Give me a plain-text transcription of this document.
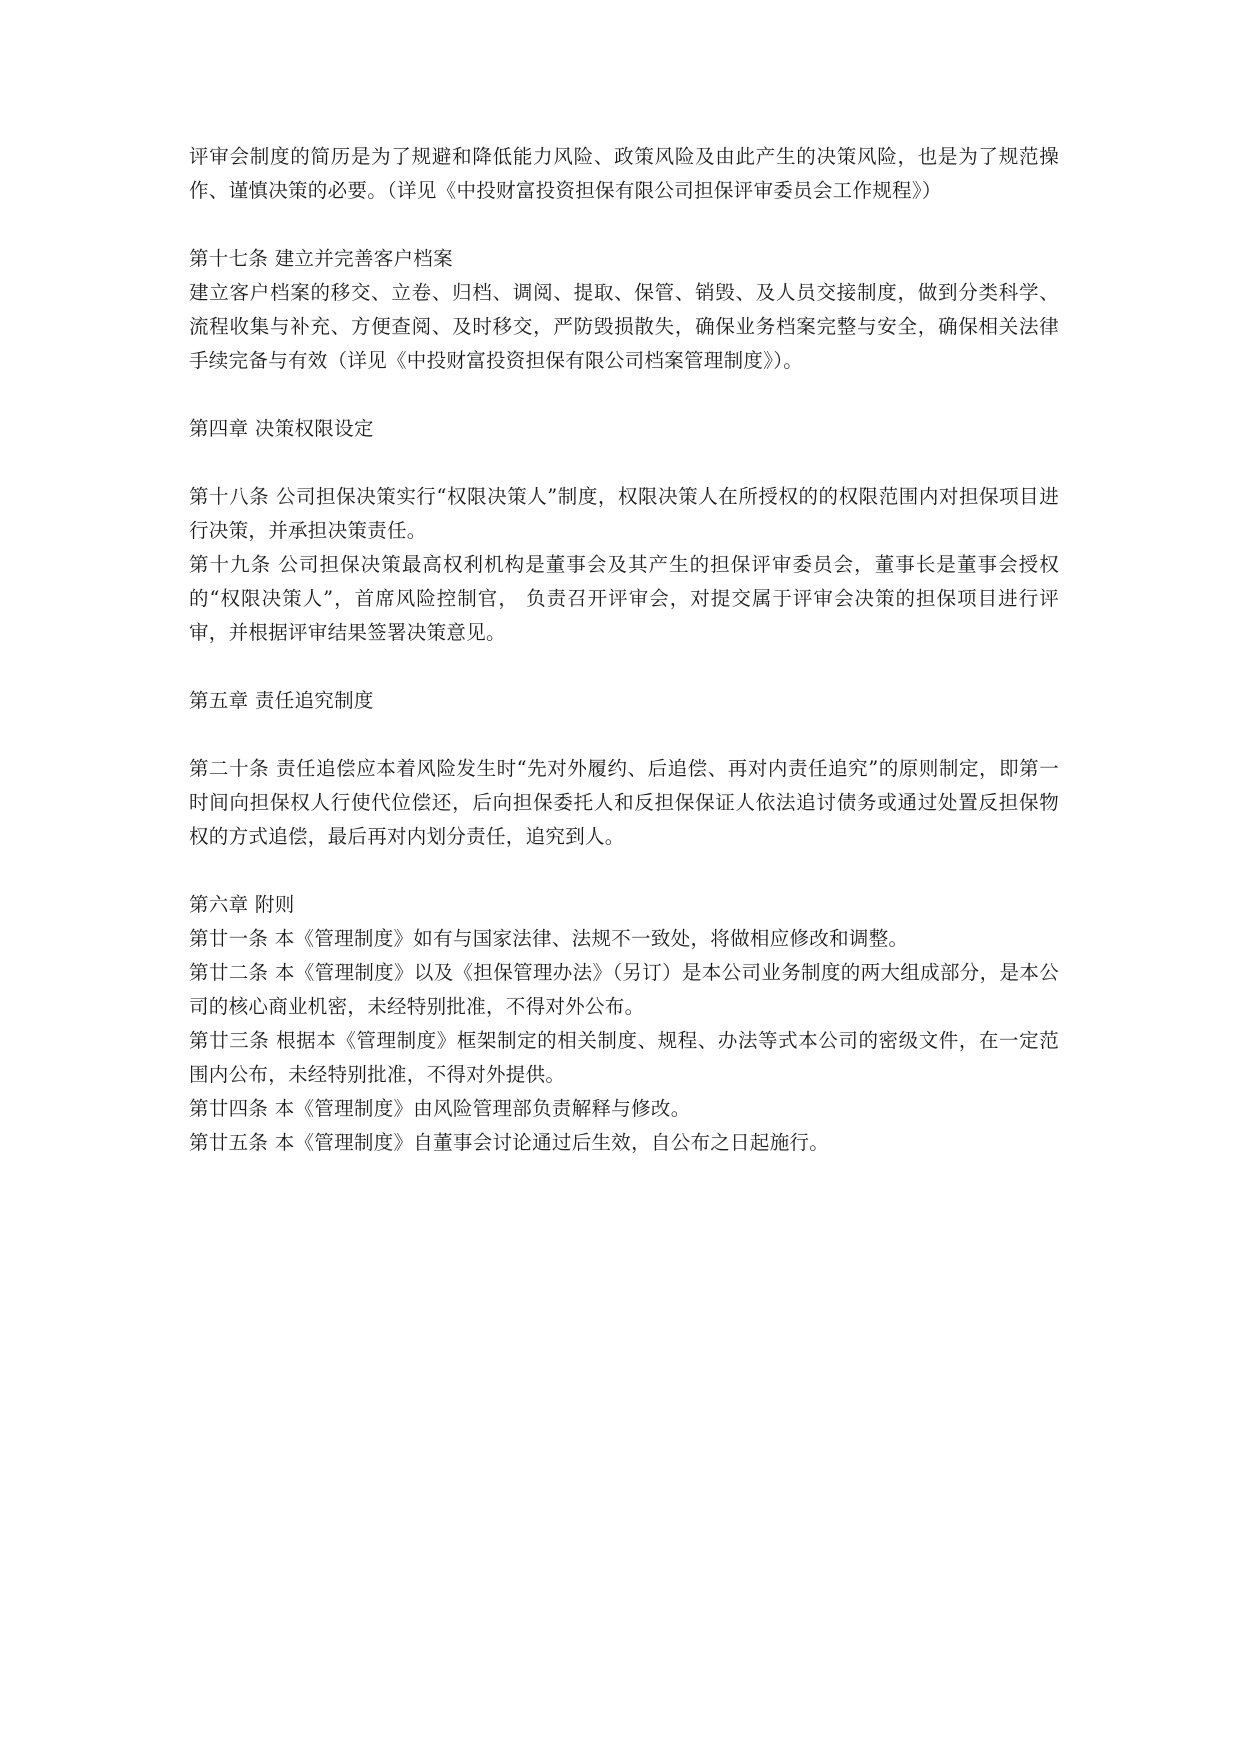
评审会制度的简历是为了规避和降低能力风险、政策风险及由此产生的决策风险，也是为了规范操作、谨慎决策的必要。（详见《中投财富投资担保有限公司担保评审委员会工作规程》）

第十七条 建立并完善客户档案

建立客户档案的移交、立卷、归档、调阅、提取、保管、销毁、及人员交接制度，做到分类科学、流程收集与补充、方便查阅、及时移交，严防毁损散失，确保业务档案完整与安全，确保相关法律手续完备与有效（详见《中投财富投资担保有限公司档案管理制度》）。

第四章 决策权限设定

第十八条 公司担保决策实行“权限决策人”制度，权限决策人在所授权的的权限范围内对担保项目进行决策，并承担决策责任。

第十九条 公司担保决策最高权利机构是董事会及其产生的担保评审委员会，董事长是董事会授权的“权限决策人”，首席风险控制官， 负责召开评审会，对提交属于评审会决策的担保项目进行评审，并根据评审结果签署决策意见。

第五章 责任追究制度

第二十条 责任追偿应本着风险发生时“先对外履约、后追偿、再对内责任追究”的原则制定，即第一时间向担保权人行使代位偿还，后向担保委托人和反担保保证人依法追讨债务或通过处置反担保物权的方式追偿，最后再对内划分责任，追究到人。

第六章 附则

第廿一条 本《管理制度》如有与国家法律、法规不一致处，将做相应修改和调整。

第廿二条 本《管理制度》以及《担保管理办法》（另订）是本公司业务制度的两大组成部分，是本公司的核心商业机密，未经特别批准，不得对外公布。

第廿三条 根据本《管理制度》框架制定的相关制度、规程、办法等式本公司的密级文件，在一定范围内公布，未经特别批准，不得对外提供。

第廿四条 本《管理制度》由风险管理部负责解释与修改。

第廿五条 本《管理制度》自董事会讨论通过后生效，自公布之日起施行。
